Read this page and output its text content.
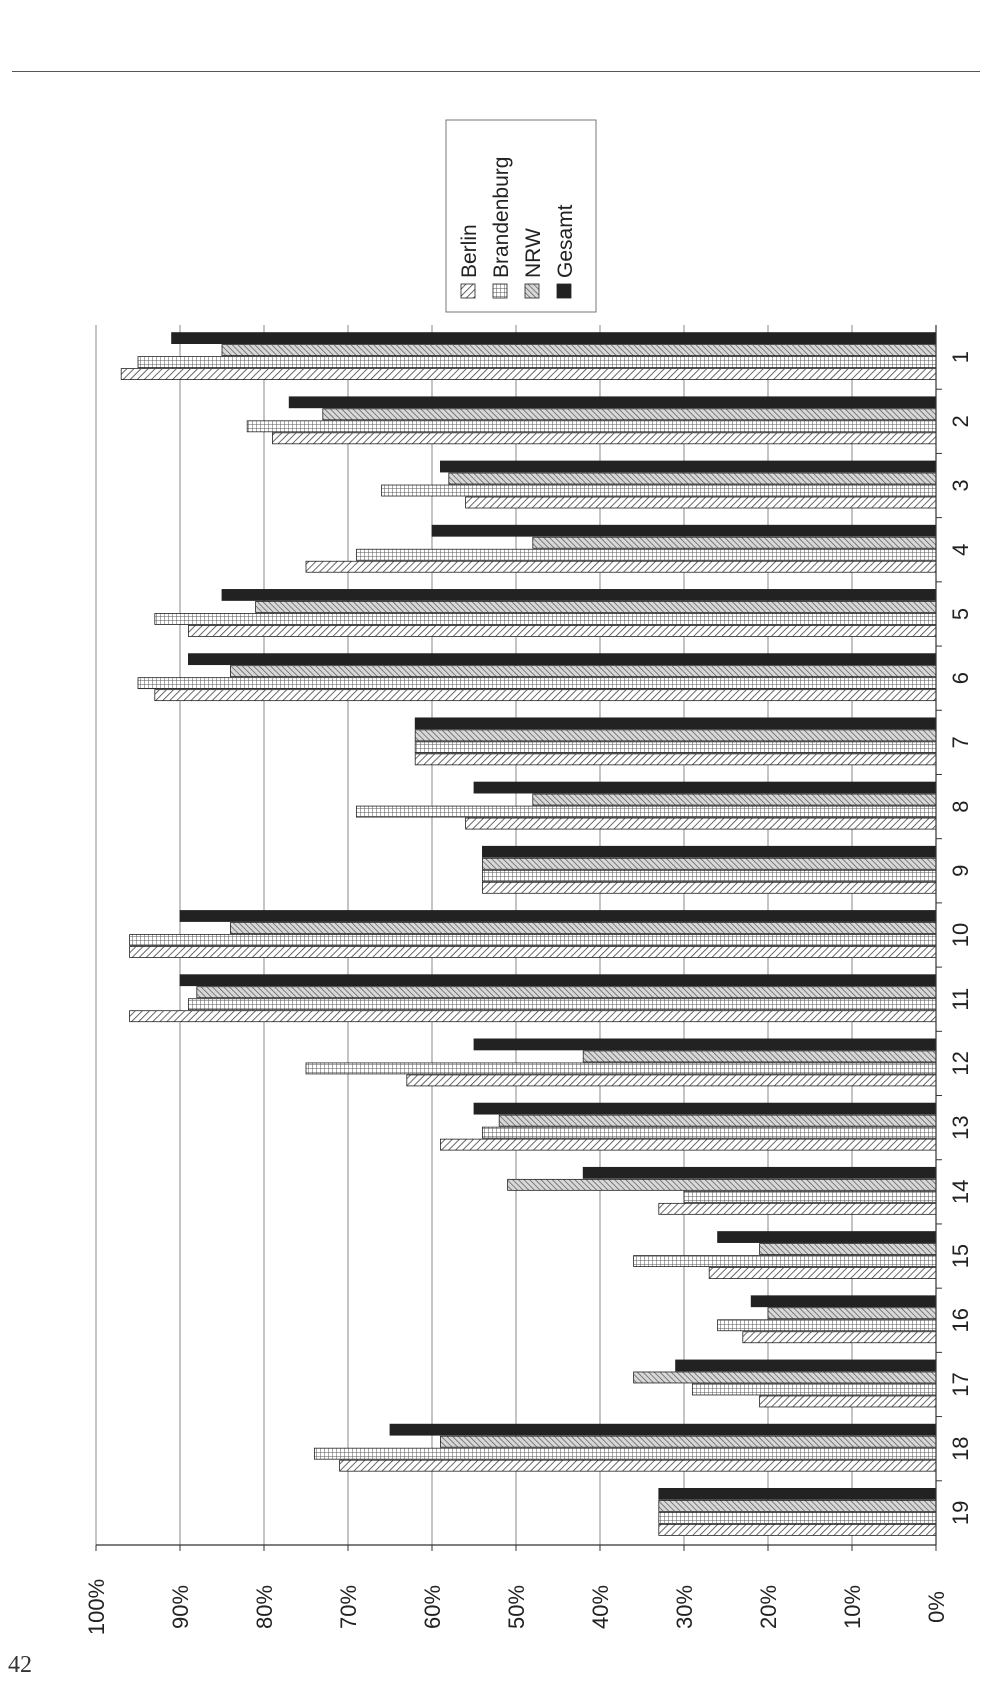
42
0%
10%
20%
30%
40%
50%
60%
70%
80%
90%
100%
1
2
3
4
5
6
7
8
9
10
11
12
13
14
15
16
17
18
19
Berlin Brandenburg NRW Gesamt
